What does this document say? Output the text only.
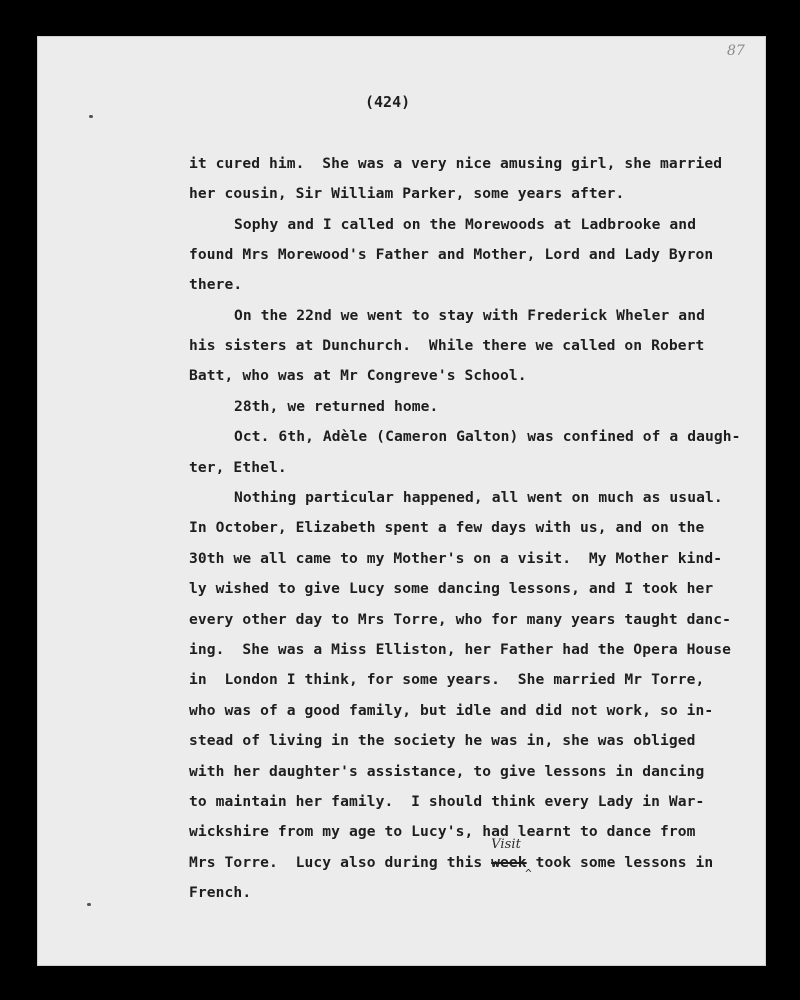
87
(424)
it cured him.  She was a very nice amusing girl, she married
her cousin, Sir William Parker, some years after.
Sophy and I called on the Morewoods at Ladbrooke and
found Mrs Morewood's Father and Mother, Lord and Lady Byron
there.
On the 22nd we went to stay with Frederick Wheler and
his sisters at Dunchurch.  While there we called on Robert
Batt, who was at Mr Congreve's School.
28th, we returned home.
Oct. 6th, Adèle (Cameron Galton) was confined of a daugh-
ter, Ethel.
Nothing particular happened, all went on much as usual.
In October, Elizabeth spent a few days with us, and on the
30th we all came to my Mother's on a visit.  My Mother kind-
ly wished to give Lucy some dancing lessons, and I took her
every other day to Mrs Torre, who for many years taught danc-
ing.  She was a Miss Elliston, her Father had the Opera House
in  London I think, for some years.  She married Mr Torre,
who was of a good family, but idle and did not work, so in-
stead of living in the society he was in, she was obliged
with her daughter's assistance, to give lessons in dancing
to maintain her family.  I should think every Lady in War-
wickshire from my age to Lucy's, had learnt to dance from
Mrs Torre.  Lucy also during this week
Visit
^
took some lessons in
French.
